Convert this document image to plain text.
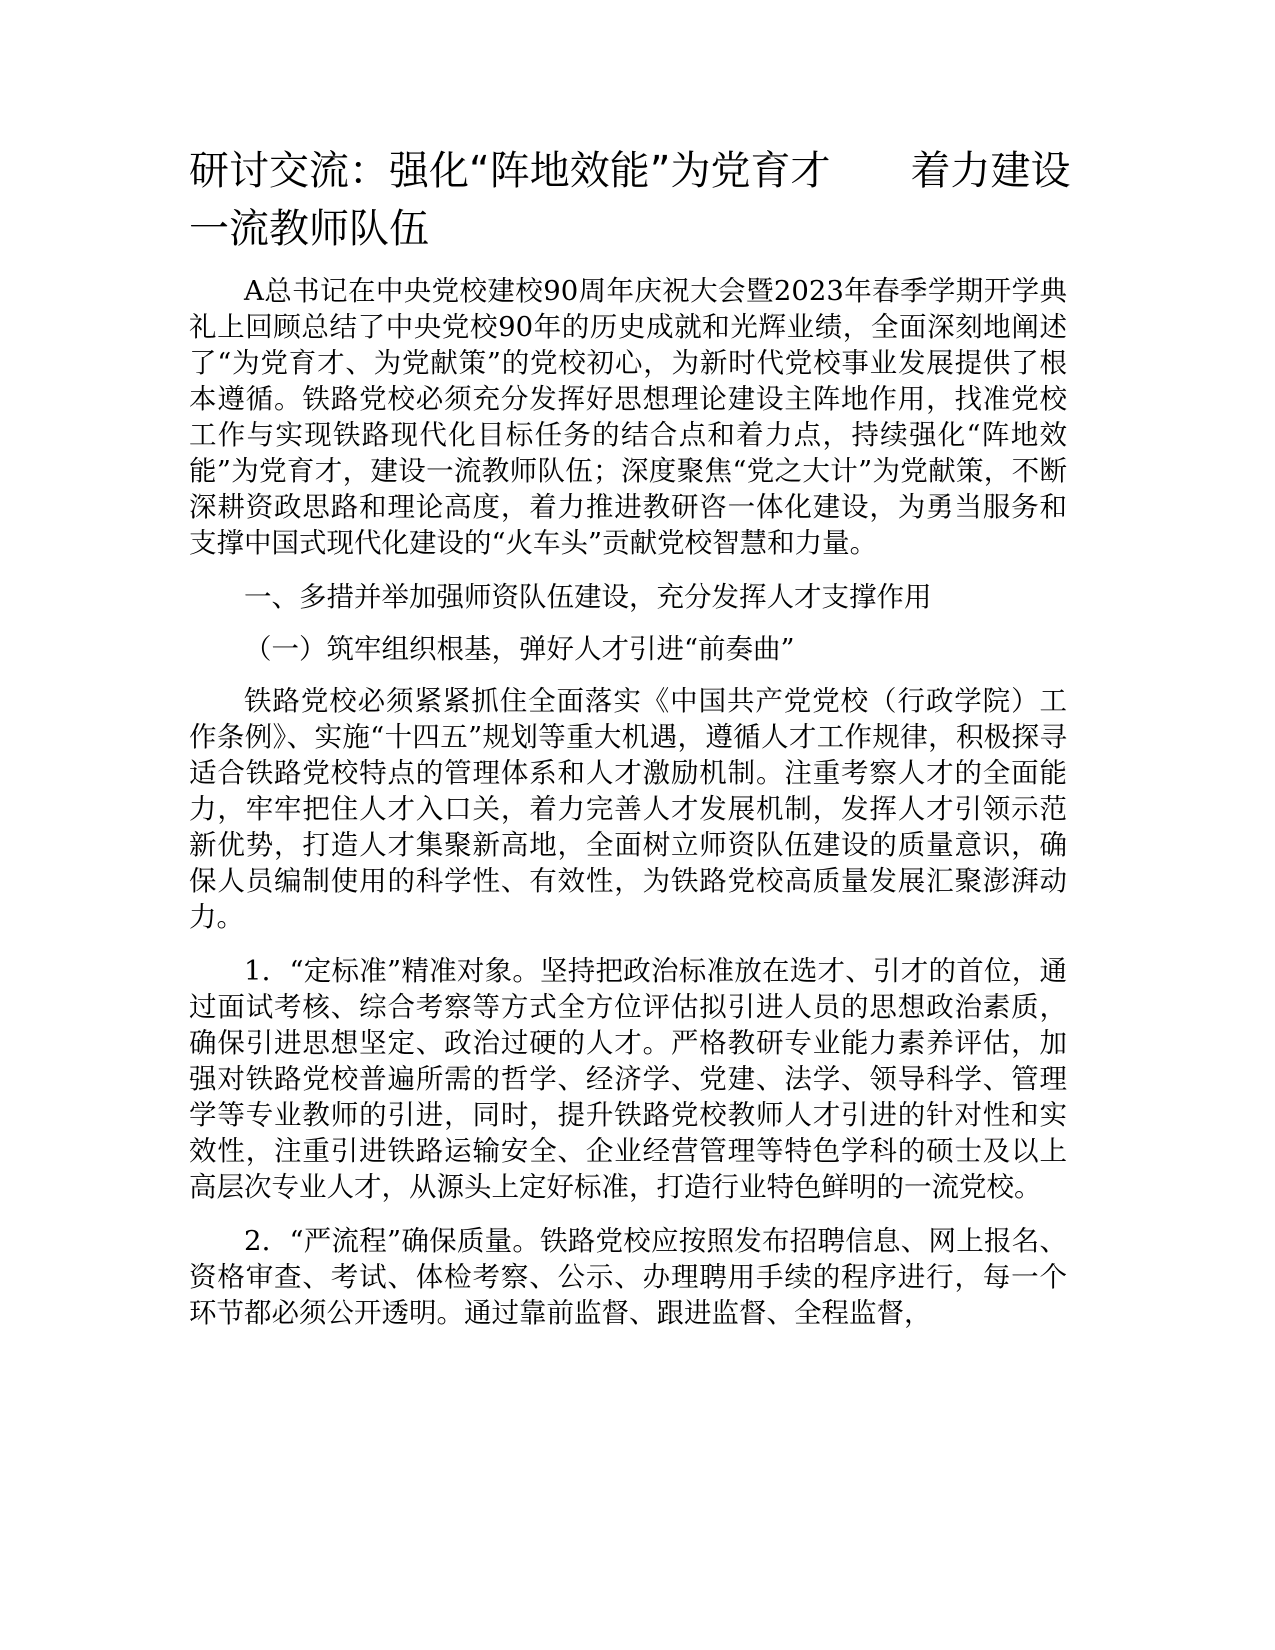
研讨交流：强化“阵地效能”为党育才　　着力建设一流教师队伍

A总书记在中央党校建校90周年庆祝大会暨2023年春季学期开学典礼上回顾总结了中央党校90年的历史成就和光辉业绩，全面深刻地阐述了“为党育才、为党献策”的党校初心，为新时代党校事业发展提供了根本遵循。铁路党校必须充分发挥好思想理论建设主阵地作用，找准党校工作与实现铁路现代化目标任务的结合点和着力点，持续强化“阵地效能”为党育才，建设一流教师队伍；深度聚焦“党之大计”为党献策，不断深耕资政思路和理论高度，着力推进教研咨一体化建设，为勇当服务和支撑中国式现代化建设的“火车头”贡献党校智慧和力量。

一、多措并举加强师资队伍建设，充分发挥人才支撑作用

（一）筑牢组织根基，弹好人才引进“前奏曲”

铁路党校必须紧紧抓住全面落实《中国共产党党校（行政学院）工作条例》、实施“十四五”规划等重大机遇，遵循人才工作规律，积极探寻适合铁路党校特点的管理体系和人才激励机制。注重考察人才的全面能力，牢牢把住人才入口关，着力完善人才发展机制，发挥人才引领示范新优势，打造人才集聚新高地，全面树立师资队伍建设的质量意识，确保人员编制使用的科学性、有效性，为铁路党校高质量发展汇聚澎湃动力。

1．“定标准”精准对象。坚持把政治标准放在选才、引才的首位，通过面试考核、综合考察等方式全方位评估拟引进人员的思想政治素质，确保引进思想坚定、政治过硬的人才。严格教研专业能力素养评估，加强对铁路党校普遍所需的哲学、经济学、党建、法学、领导科学、管理学等专业教师的引进，同时，提升铁路党校教师人才引进的针对性和实效性，注重引进铁路运输安全、企业经营管理等特色学科的硕士及以上高层次专业人才，从源头上定好标准，打造行业特色鲜明的一流党校。

2．“严流程”确保质量。铁路党校应按照发布招聘信息、网上报名、资格审查、考试、体检考察、公示、办理聘用手续的程序进行，每一个环节都必须公开透明。通过靠前监督、跟进监督、全程监督，
